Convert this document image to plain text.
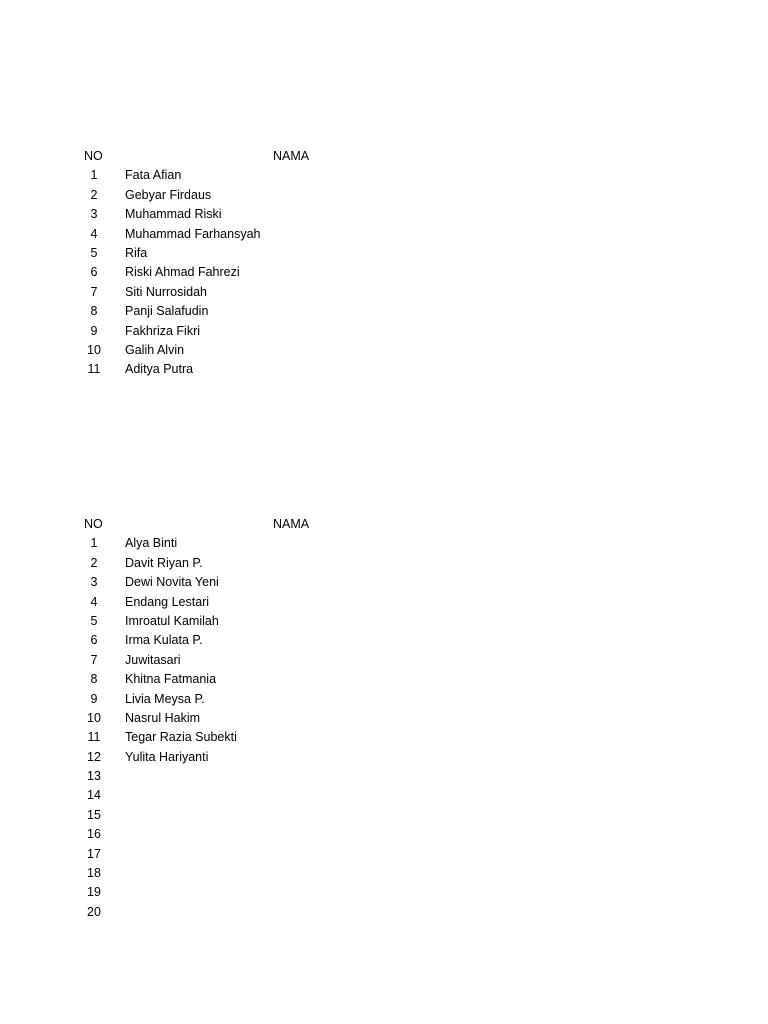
NO	NAMA
1	Fata Afian
2	Gebyar Firdaus
3	Muhammad Riski
4	Muhammad Farhansyah
5	Rifa
6	Riski Ahmad Fahrezi
7	Siti Nurrosidah
8	Panji Salafudin
9	Fakhriza Fikri
10	Galih Alvin
11	Aditya Putra
NO	NAMA
1	Alya Binti
2	Davit Riyan P.
3	Dewi Novita Yeni
4	Endang Lestari
5	Imroatul Kamilah
6	Irma Kulata P.
7	Juwitasari
8	Khitna Fatmania
9	Livia Meysa P.
10	Nasrul Hakim
11	Tegar Razia Subekti
12	Yulita Hariyanti
13
14
15
16
17
18
19
20
